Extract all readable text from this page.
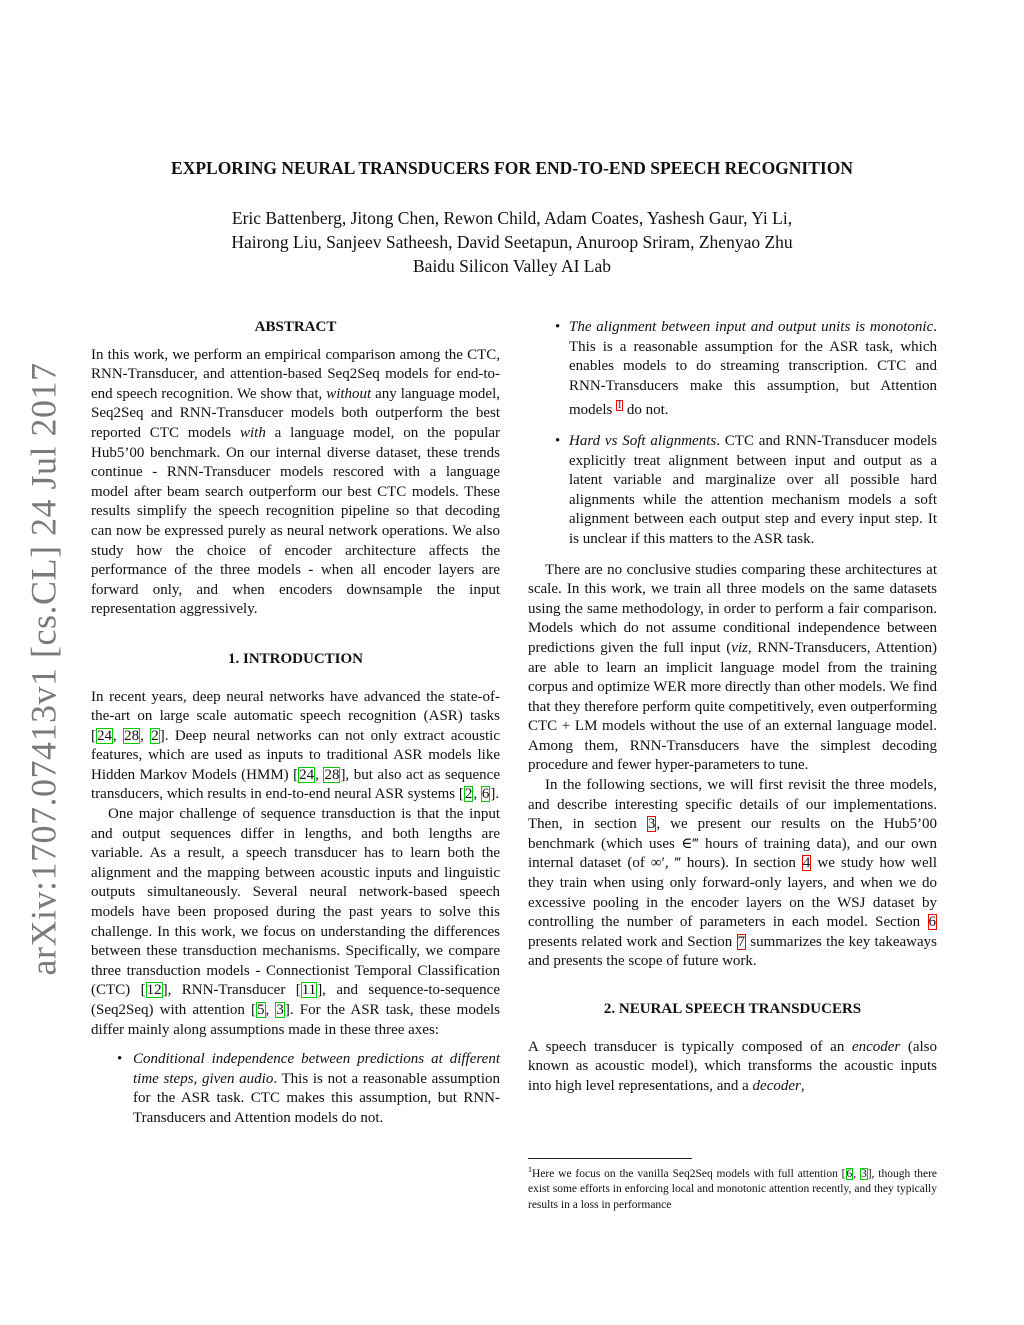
arXiv:1707.07413v1 [cs.CL] 24 Jul 2017
EXPLORING NEURAL TRANSDUCERS FOR END-TO-END SPEECH RECOGNITION
Eric Battenberg, Jitong Chen, Rewon Child, Adam Coates, Yashesh Gaur, Yi Li,
Hairong Liu, Sanjeev Satheesh, David Seetapun, Anuroop Sriram, Zhenyao Zhu
Baidu Silicon Valley AI Lab
ABSTRACT

In this work, we perform an empirical comparison among the CTC, RNN-Transducer, and attention-based Seq2Seq models for end-to-end speech recognition. We show that, without any language model, Seq2Seq and RNN-Transducer models both outperform the best reported CTC models with a language model, on the popular Hub5’00 benchmark. On our internal diverse dataset, these trends continue - RNN-Transducer models rescored with a language model after beam search outperform our best CTC models. These results simplify the speech recognition pipeline so that decoding can now be expressed purely as neural network operations. We also study how the choice of encoder architecture affects the performance of the three models - when all encoder layers are forward only, and when encoders downsample the input representation aggressively.

1. INTRODUCTION

In recent years, deep neural networks have advanced the state-of-the-art on large scale automatic speech recognition (ASR) tasks [24, 28, 2]. Deep neural networks can not only extract acoustic features, which are used as inputs to traditional ASR models like Hidden Markov Models (HMM) [24, 28], but also act as sequence transducers, which results in end-to-end neural ASR systems [2, 6].

One major challenge of sequence transduction is that the input and output sequences differ in lengths, and both lengths are variable. As a result, a speech transducer has to learn both the alignment and the mapping between acoustic inputs and linguistic outputs simultaneously. Several neural network-based speech models have been proposed during the past years to solve this challenge. In this work, we focus on understanding the differences between these transduction mechanisms. Specifically, we compare three transduction models - Connectionist Temporal Classification (CTC) [12], RNN-Transducer [11], and sequence-to-sequence (Seq2Seq) with attention [5, 3]. For the ASR task, these models differ mainly along assumptions made in these three axes:

• Conditional independence between predictions at different time steps, given audio. This is not a reasonable assumption for the ASR task. CTC makes this assumption, but RNN-Transducers and Attention models do not.
• The alignment between input and output units is monotonic. This is a reasonable assumption for the ASR task, which enables models to do streaming transcription. CTC and RNN-Transducers make this assumption, but Attention models $^1$ do not.
• Hard vs Soft alignments. CTC and RNN-Transducer models explicitly treat alignment between input and output as a latent variable and marginalize over all possible hard alignments while the attention mechanism models a soft alignment between each output step and every input step. It is unclear if this matters to the ASR task.

There are no conclusive studies comparing these architectures at scale. In this work, we train all three models on the same datasets using the same methodology, in order to perform a fair comparison. Models which do not assume conditional independence between predictions given the full input (viz, RNN-Transducers, Attention) are able to learn an implicit language model from the training corpus and optimize WER more directly than other models. We find that they therefore perform quite competitively, even outperforming CTC + LM models without the use of an external language model. Among them, RNN-Transducers have the simplest decoding procedure and fewer hyper-parameters to tune.

In the following sections, we will first revisit the three models, and describe interesting specific details of our implementations. Then, in section 3, we present our results on the Hub5’00 benchmark (which uses ∈‴ hours of training data), and our own internal dataset (of ∞′, ‴ hours). In section 4 we study how well they train when using only forward-only layers, and when we do excessive pooling in the encoder layers on the WSJ dataset by controlling the number of parameters in each model. Section 6 presents related work and Section 7 summarizes the key takeaways and presents the scope of future work.

2. NEURAL SPEECH TRANSDUCERS

A speech transducer is typically composed of an encoder (also known as acoustic model), which transforms the acoustic inputs into high level representations, and a decoder,

$^1$Here we focus on the vanilla Seq2Seq models with full attention [6, 3], though there exist some efforts in enforcing local and monotonic attention recently, and they typically results in a loss in performance
